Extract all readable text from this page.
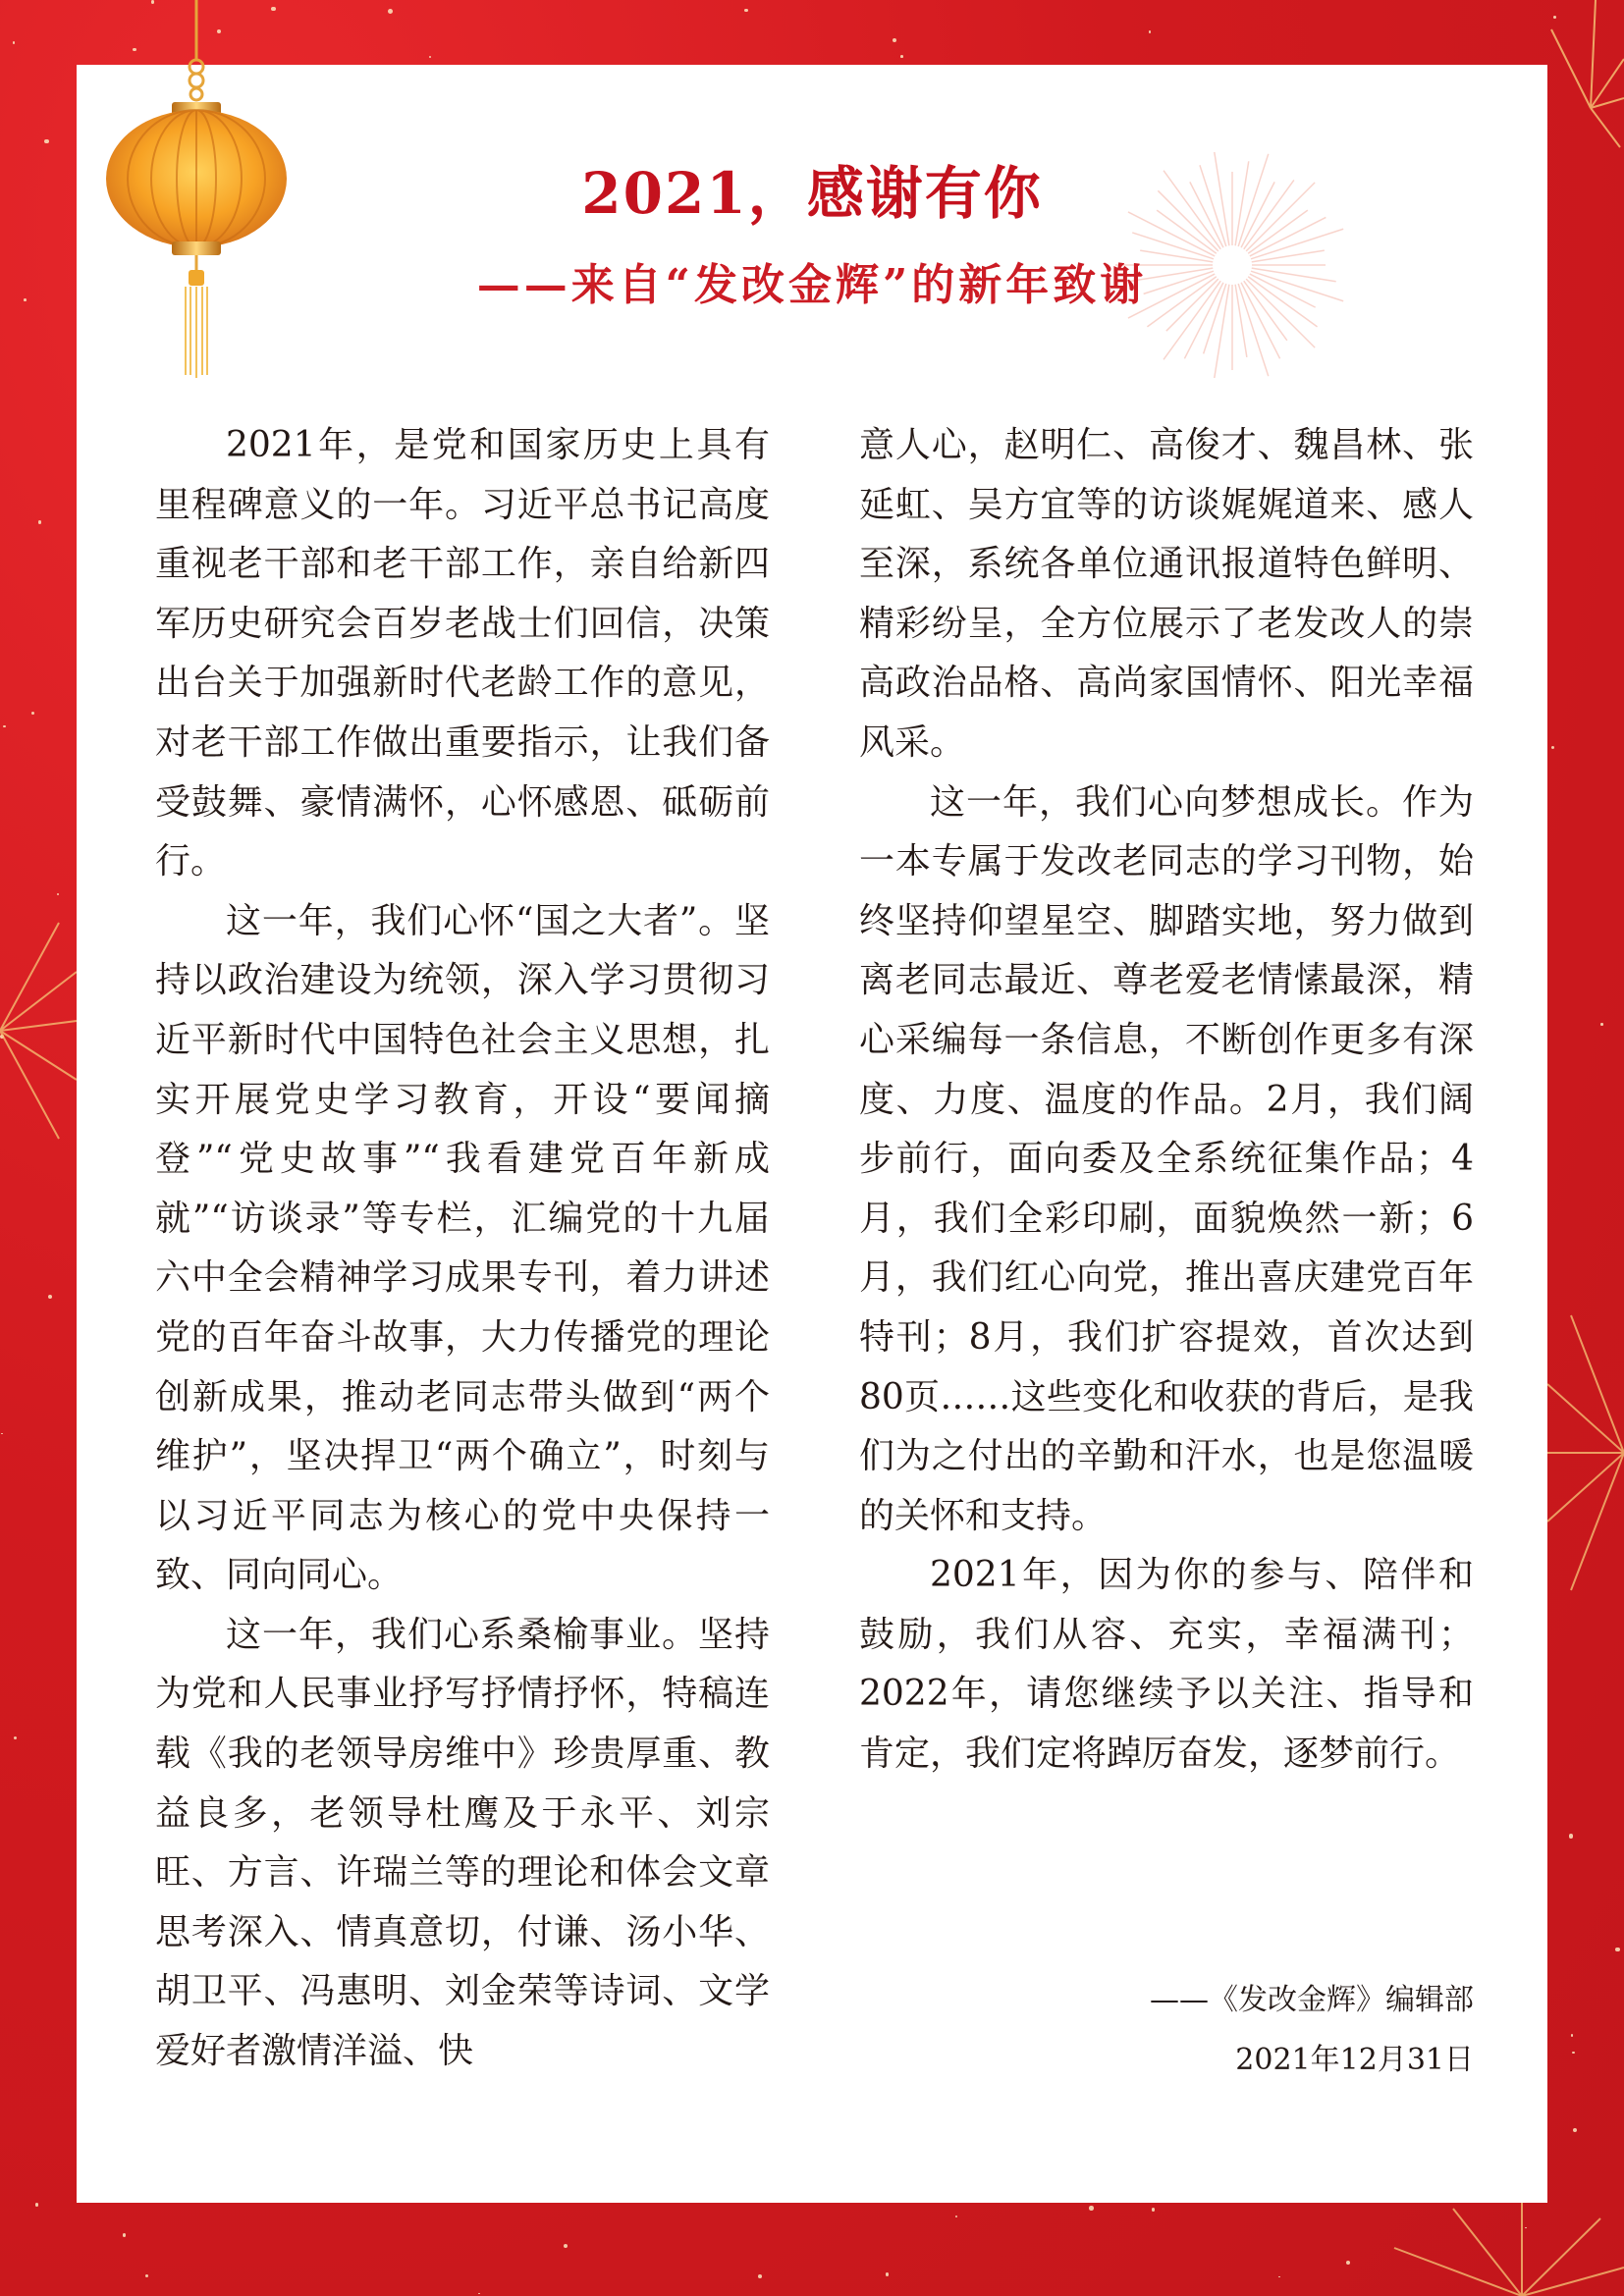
2021，感谢有你
——来自“发改金辉”的新年致谢

2021年，是党和国家历史上具有里程碑意义的一年。习近平总书记高度重视老干部和老干部工作，亲自给新四军历史研究会百岁老战士们回信，决策出台关于加强新时代老龄工作的意见，对老干部工作做出重要指示，让我们备受鼓舞、豪情满怀，心怀感恩、砥砺前行。

这一年，我们心怀“国之大者”。坚持以政治建设为统领，深入学习贯彻习近平新时代中国特色社会主义思想，扎实开展党史学习教育，开设“要闻摘登”“党史故事”“我看建党百年新成就”“访谈录”等专栏，汇编党的十九届六中全会精神学习成果专刊，着力讲述党的百年奋斗故事，大力传播党的理论创新成果，推动老同志带头做到“两个维护”，坚决捍卫“两个确立”，时刻与以习近平同志为核心的党中央保持一致、同向同心。

这一年，我们心系桑榆事业。坚持为党和人民事业抒写抒情抒怀，特稿连载《我的老领导房维中》珍贵厚重、教益良多，老领导杜鹰及于永平、刘宗旺、方言、许瑞兰等的理论和体会文章思考深入、情真意切，付谦、汤小华、胡卫平、冯惠明、刘金荣等诗词、文学爱好者激情洋溢、快

意人心，赵明仁、高俊才、魏昌林、张延虹、吴方宜等的访谈娓娓道来、感人至深，系统各单位通讯报道特色鲜明、精彩纷呈，全方位展示了老发改人的崇高政治品格、高尚家国情怀、阳光幸福风采。

这一年，我们心向梦想成长。作为一本专属于发改老同志的学习刊物，始终坚持仰望星空、脚踏实地，努力做到离老同志最近、尊老爱老情愫最深，精心采编每一条信息，不断创作更多有深度、力度、温度的作品。2月，我们阔步前行，面向委及全系统征集作品；4月，我们全彩印刷，面貌焕然一新；6月，我们红心向党，推出喜庆建党百年特刊；8月，我们扩容提效，首次达到80页……这些变化和收获的背后，是我们为之付出的辛勤和汗水，也是您温暖的关怀和支持。

2021年，因为你的参与、陪伴和鼓励，我们从容、充实，幸福满刊；2022年，请您继续予以关注、指导和肯定，我们定将踔厉奋发，逐梦前行。

——《发改金辉》编辑部
2021年12月31日
